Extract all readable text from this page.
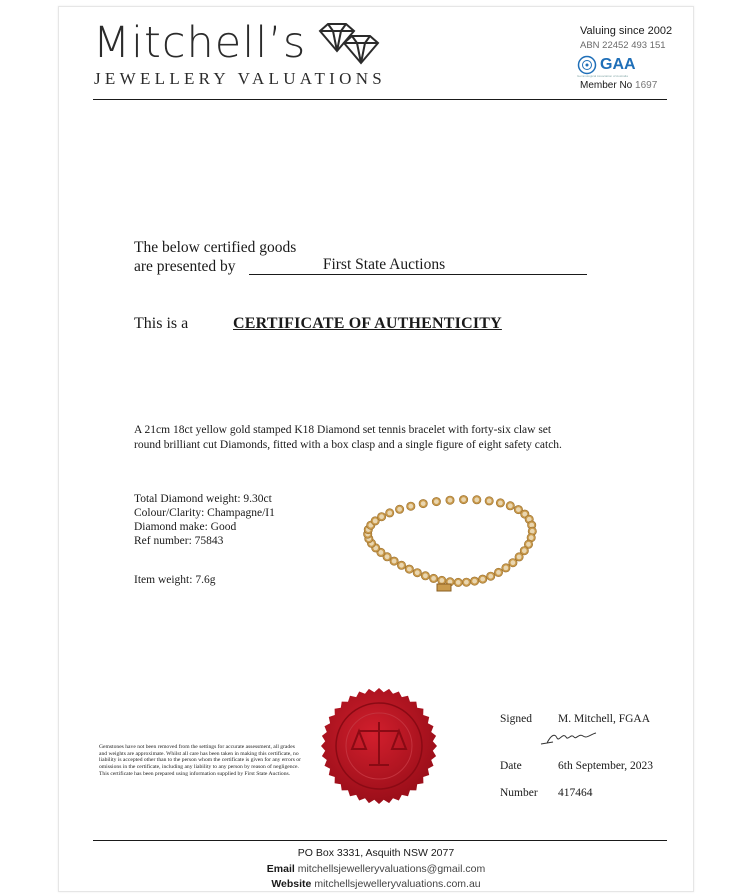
Mitchell’s
JEWELLERY VALUATIONS
Valuing since 2002
ABN 22452 493 151
GAA
Gemmological Association of Australia
Member No 1697
The below certified goods
are presented by	First State Auctions
This is a	CERTIFICATE OF AUTHENTICITY
A 21cm 18ct yellow gold stamped K18 Diamond set tennis bracelet with forty-six claw set round brilliant cut Diamonds, fitted with a box clasp and a single figure of eight safety catch.
Total Diamond weight: 9.30ct
Colour/Clarity: Champagne/I1
Diamond make: Good
Ref number: 75843
Item weight: 7.6g
Gemstones have not been removed from the settings for accurate assessment, all grades and weights are approximate. Whilst all care has been taken in making this certificate, no liability is accepted other than to the person whom the certificate is given for any errors or omissions in the certificate, including any liability to any person by reason of negligence. This certificate has been prepared using information supplied by First State Auctions.
Signed M. Mitchell, FGAA
Date	6th September, 2023
Number 417464
PO Box 3331, Asquith NSW 2077
Email mitchellsjewelleryvaluations@gmail.com
Website mitchellsjewelleryvaluations.com.au
